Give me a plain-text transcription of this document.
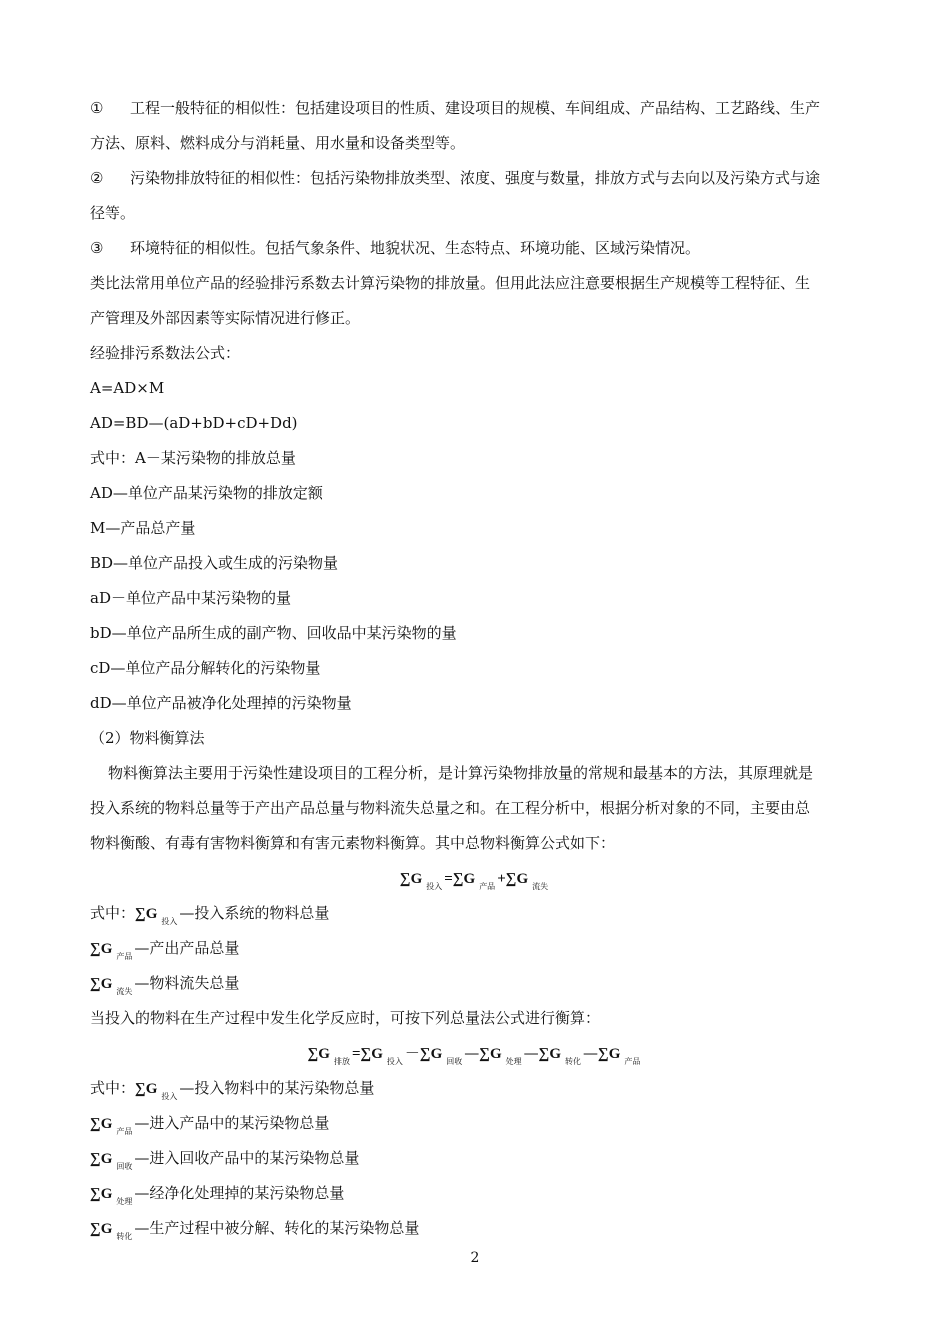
① 工程一般特征的相似性：包括建设项目的性质、建设项目的规模、车间组成、产品结构、工艺路线、生产
方法、原料、燃料成分与消耗量、用水量和设备类型等。
② 污染物排放特征的相似性：包括污染物排放类型、浓度、强度与数量，排放方式与去向以及污染方式与途
径等。
③ 环境特征的相似性。包括气象条件、地貌状况、生态特点、环境功能、区域污染情况。
类比法常用单位产品的经验排污系数去计算污染物的排放量。但用此法应注意要根据生产规模等工程特征、生
产管理及外部因素等实际情况进行修正。
经验排污系数法公式：
A=AD×M
AD=BD—(aD+bD+cD+Dd)
式中：A－某污染物的排放总量
AD—单位产品某污染物的排放定额
M—产品总产量
BD—单位产品投入或生成的污染物量
aD－单位产品中某污染物的量
bD—单位产品所生成的副产物、回收品中某污染物的量
cD—单位产品分解转化的污染物量
dD—单位产品被净化处理掉的污染物量
（2）物料衡算法
物料衡算法主要用于污染性建设项目的工程分析，是计算污染物排放量的常规和最基本的方法，其原理就是
投入系统的物料总量等于产出产品总量与物料流失总量之和。在工程分析中，根据分析对象的不同，主要由总
物料衡酸、有毒有害物料衡算和有害元素物料衡算。其中总物料衡算公式如下：
∑G $_{投入}$ =∑G $_{产品}$ +∑G $_{流失}$
式中：∑G $_{投入}$ —投入系统的物料总量
∑G $_{产品}$ —产出产品总量
∑G $_{流失}$ —物料流失总量
当投入的物料在生产过程中发生化学反应时，可按下列总量法公式进行衡算：
∑G $_{排放}$ =∑G $_{投入}$ －∑G $_{回收}$ —∑G $_{处理}$ —∑G $_{转化}$ —∑G $_{产品}$
式中：∑G $_{投入}$ —投入物料中的某污染物总量
∑G $_{产品}$ —进入产品中的某污染物总量
∑G $_{回收}$ —进入回收产品中的某污染物总量
∑G $_{处理}$ —经净化处理掉的某污染物总量
∑G $_{转化}$ —生产过程中被分解、转化的某污染物总量
2
